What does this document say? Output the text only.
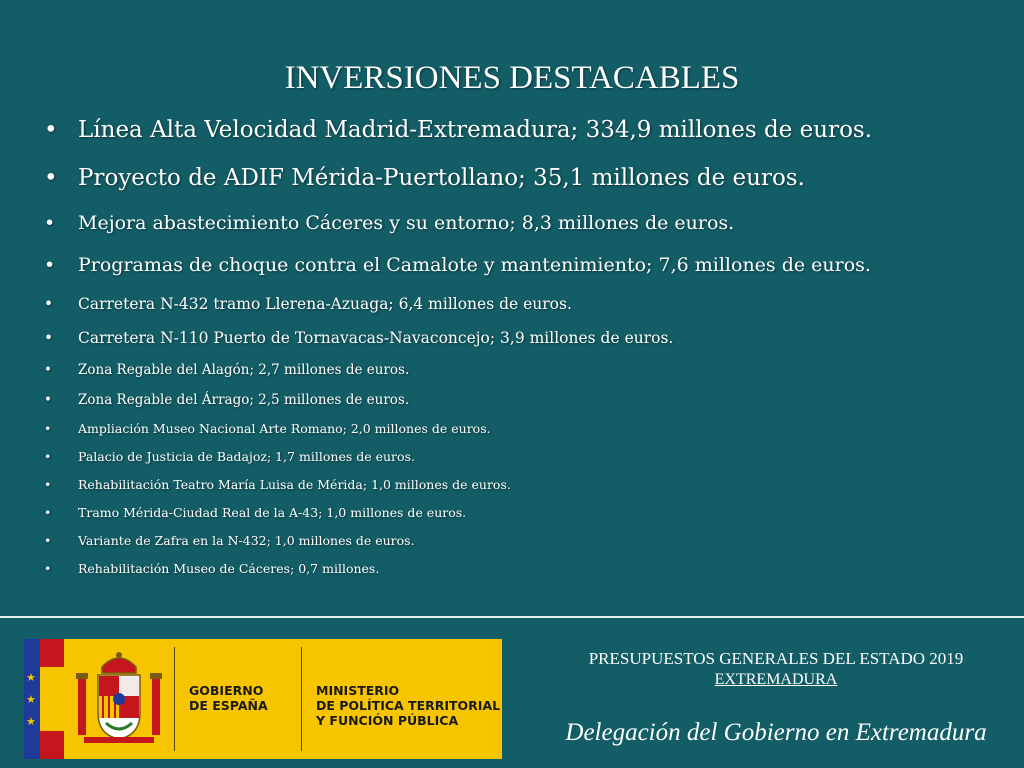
INVERSIONES DESTACABLES
• Línea Alta Velocidad Madrid-Extremadura; 334,9 millones de euros.
• Proyecto de ADIF Mérida-Puertollano; 35,1 millones de euros.
• Mejora abastecimiento Cáceres y su entorno; 8,3 millones de euros.
• Programas de choque contra el Camalote y mantenimiento; 7,6 millones de euros.
• Carretera N-432 tramo Llerena-Azuaga; 6,4 millones de euros.
• Carretera N-110 Puerto de Tornavacas-Navaconcejo; 3,9 millones de euros.
• Zona Regable del Alagón; 2,7 millones de euros.
• Zona Regable del Árrago; 2,5 millones de euros.
• Ampliación Museo Nacional Arte Romano; 2,0 millones de euros.
• Palacio de Justicia de Badajoz; 1,7 millones de euros.
• Rehabilitación Teatro María Luisa de Mérida; 1,0 millones de euros.
• Tramo Mérida-Ciudad Real de la A-43; 1,0 millones de euros.
• Variante de Zafra en la N-432; 1,0 millones de euros.
• Rehabilitación Museo de Cáceres; 0,7 millones.
★
★
★
GOBIERNO
DE ESPAÑA
MINISTERIO
DE POLÍTICA TERRITORIAL
Y FUNCIÓN PÚBLICA
PRESUPUESTOS GENERALES DEL ESTADO 2019
EXTREMADURA
Delegación del Gobierno en Extremadura
